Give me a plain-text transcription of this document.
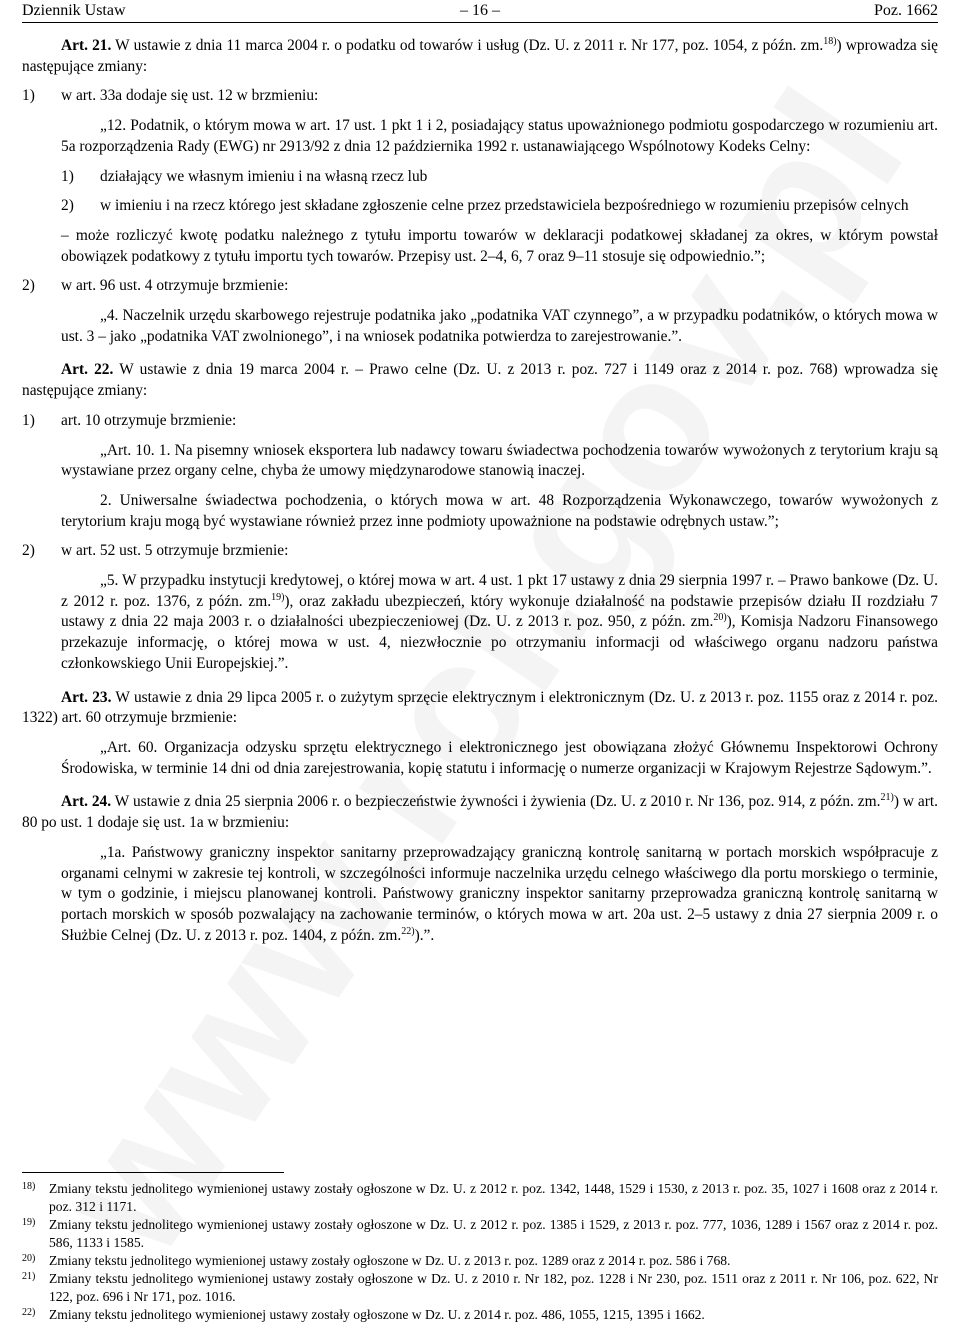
Dziennik Ustaw	– 16 –	Poz. 1662

Art. 21. W ustawie z dnia 11 marca 2004 r. o podatku od towarów i usług (Dz. U. z 2011 r. Nr 177, poz. 1054, z późn. zm.$^{18)}$) wprowadza się następujące zmiany:

1)	w art. 33a dodaje się ust. 12 w brzmieniu:

„12. Podatnik, o którym mowa w art. 17 ust. 1 pkt 1 i 2, posiadający status upoważnionego podmiotu gospodarczego w rozumieniu art. 5a rozporządzenia Rady (EWG) nr 2913/92 z dnia 12 października 1992 r. ustanawiającego Wspólnotowy Kodeks Celny:

1)	działający we własnym imieniu i na własną rzecz lub
2)	w imieniu i na rzecz którego jest składane zgłoszenie celne przez przedstawiciela bezpośredniego w rozumieniu przepisów celnych

– może rozliczyć kwotę podatku należnego z tytułu importu towarów w deklaracji podatkowej składanej za okres, w którym powstał obowiązek podatkowy z tytułu importu tych towarów. Przepisy ust. 2–4, 6, 7 oraz 9–11 stosuje się odpowiednio.”;

2)	w art. 96 ust. 4 otrzymuje brzmienie:

„4. Naczelnik urzędu skarbowego rejestruje podatnika jako „podatnika VAT czynnego”, a w przypadku podatników, o których mowa w ust. 3 – jako „podatnika VAT zwolnionego”, i na wniosek podatnika potwierdza to zarejestrowanie.”.

Art. 22. W ustawie z dnia 19 marca 2004 r. – Prawo celne (Dz. U. z 2013 r. poz. 727 i 1149 oraz z 2014 r. poz. 768) wprowadza się następujące zmiany:

1)	art. 10 otrzymuje brzmienie:

„Art. 10. 1. Na pisemny wniosek eksportera lub nadawcy towaru świadectwa pochodzenia towarów wywożonych z terytorium kraju są wystawiane przez organy celne, chyba że umowy międzynarodowe stanowią inaczej.

2. Uniwersalne świadectwa pochodzenia, o których mowa w art. 48 Rozporządzenia Wykonawczego, towarów wywożonych z terytorium kraju mogą być wystawiane również przez inne podmioty upoważnione na podstawie odrębnych ustaw.”;

2)	w art. 52 ust. 5 otrzymuje brzmienie:

„5. W przypadku instytucji kredytowej, o której mowa w art. 4 ust. 1 pkt 17 ustawy z dnia 29 sierpnia 1997 r. – Prawo bankowe (Dz. U. z 2012 r. poz. 1376, z późn. zm.$^{19)}$), oraz zakładu ubezpieczeń, który wykonuje działalność na podstawie przepisów działu II rozdziału 7 ustawy z dnia 22 maja 2003 r. o działalności ubezpieczeniowej (Dz. U. z 2013 r. poz. 950, z późn. zm.$^{20)}$), Komisja Nadzoru Finansowego przekazuje informację, o której mowa w ust. 4, niezwłocznie po otrzymaniu informacji od właściwego organu nadzoru państwa członkowskiego Unii Europejskiej.”.

Art. 23. W ustawie z dnia 29 lipca 2005 r. o zużytym sprzęcie elektrycznym i elektronicznym (Dz. U. z 2013 r. poz. 1155 oraz z 2014 r. poz. 1322) art. 60 otrzymuje brzmienie:

„Art. 60. Organizacja odzysku sprzętu elektrycznego i elektronicznego jest obowiązana złożyć Głównemu Inspektorowi Ochrony Środowiska, w terminie 14 dni od dnia zarejestrowania, kopię statutu i informację o numerze organizacji w Krajowym Rejestrze Sądowym.”.

Art. 24. W ustawie z dnia 25 sierpnia 2006 r. o bezpieczeństwie żywności i żywienia (Dz. U. z 2010 r. Nr 136, poz. 914, z późn. zm.$^{21)}$) w art. 80 po ust. 1 dodaje się ust. 1a w brzmieniu:

„1a. Państwowy graniczny inspektor sanitarny przeprowadzający graniczną kontrolę sanitarną w portach morskich współpracuje z organami celnymi w zakresie tej kontroli, w szczególności informuje naczelnika urzędu celnego właściwego dla portu morskiego o terminie, w tym o godzinie, i miejscu planowanej kontroli. Państwowy graniczny inspektor sanitarny przeprowadza graniczną kontrolę sanitarną w portach morskich w sposób pozwalający na zachowanie terminów, o których mowa w art. 20a ust. 2–5 ustawy z dnia 27 sierpnia 2009 r. o Służbie Celnej (Dz. U. z 2013 r. poz. 1404, z późn. zm.$^{22)}$).”.

18)	Zmiany tekstu jednolitego wymienionej ustawy zostały ogłoszone w Dz. U. z 2012 r. poz. 1342, 1448, 1529 i 1530, z 2013 r. poz. 35, 1027 i 1608 oraz z 2014 r. poz. 312 i 1171.
19)	Zmiany tekstu jednolitego wymienionej ustawy zostały ogłoszone w Dz. U. z 2012 r. poz. 1385 i 1529, z 2013 r. poz. 777, 1036, 1289 i 1567 oraz z 2014 r. poz. 586, 1133 i 1585.
20)	Zmiany tekstu jednolitego wymienionej ustawy zostały ogłoszone w Dz. U. z 2013 r. poz. 1289 oraz z 2014 r. poz. 586 i 768.
21)	Zmiany tekstu jednolitego wymienionej ustawy zostały ogłoszone w Dz. U. z 2010 r. Nr 182, poz. 1228 i Nr 230, poz. 1511 oraz z 2011 r. Nr 106, poz. 622, Nr 122, poz. 696 i Nr 171, poz. 1016.
22)	Zmiany tekstu jednolitego wymienionej ustawy zostały ogłoszone w Dz. U. z 2014 r. poz. 486, 1055, 1215, 1395 i 1662.
